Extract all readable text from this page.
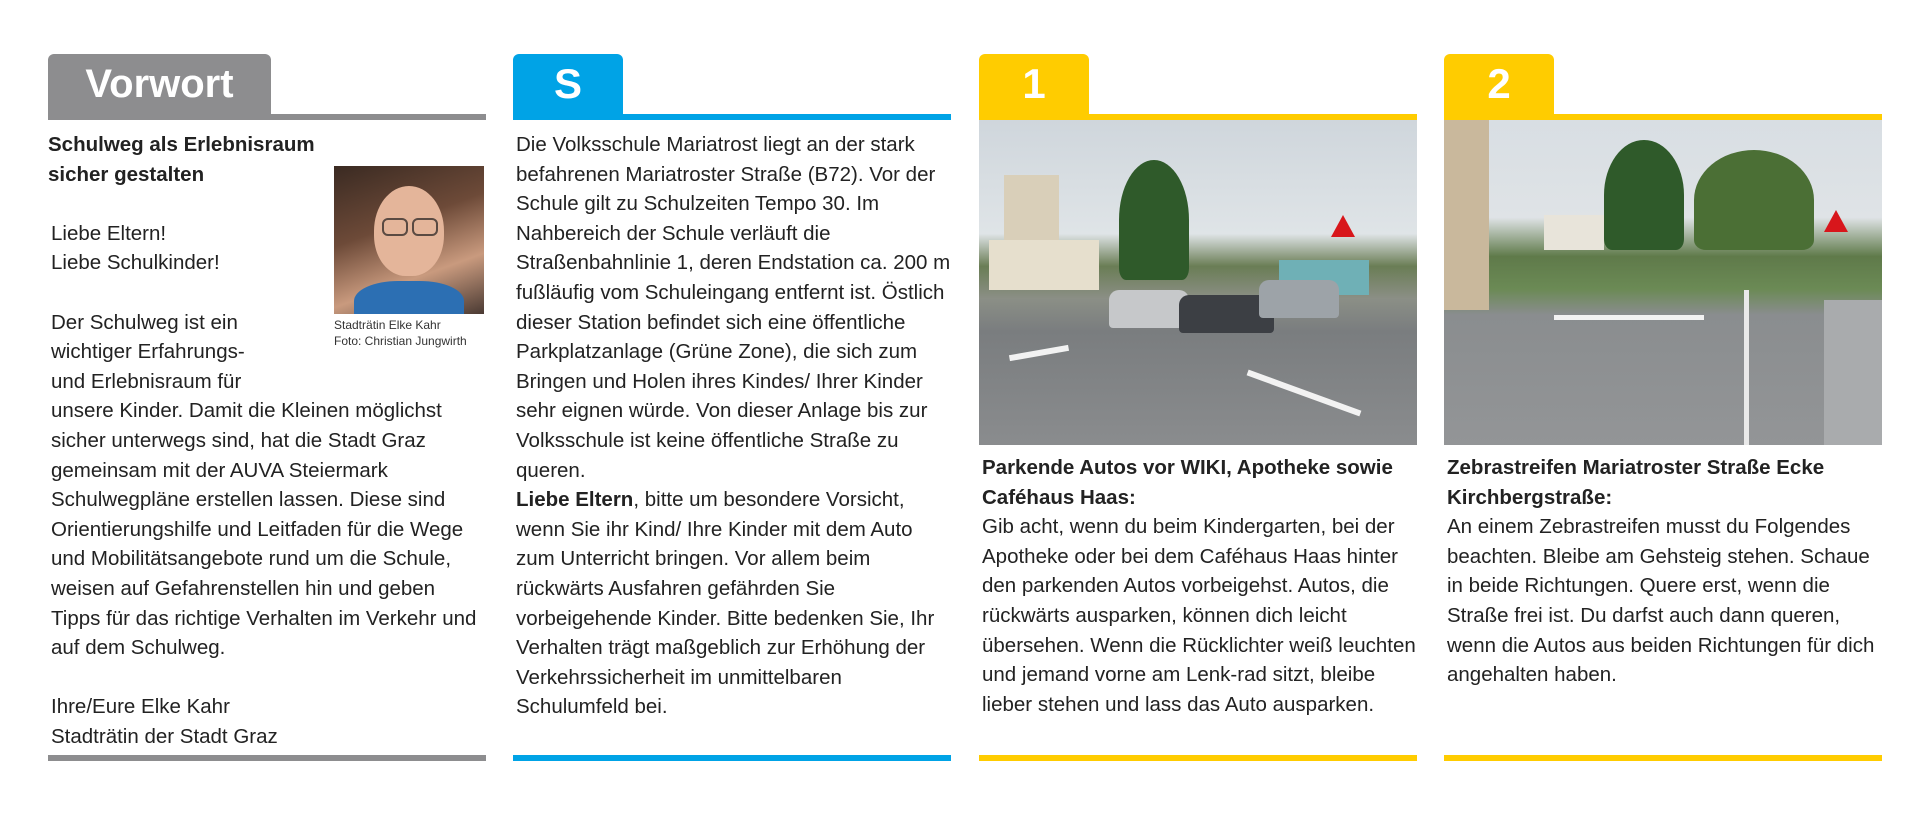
Vorwort
Schulweg als Erlebnisraum
sicher gestalten
Liebe Eltern!
Liebe Schulkinder!
Der Schulweg ist ein
wichtiger Erfahrungs-
und Erlebnisraum für
unsere Kinder. Damit die Kleinen möglichst sicher unterwegs sind, hat die Stadt Graz gemeinsam mit der AUVA Steiermark Schulwegpläne erstellen lassen. Diese sind Orientierungshilfe und Leitfaden für die Wege und Mobilitätsangebote rund um die Schule, weisen auf Gefahrenstellen hin und geben Tipps für das richtige Verhalten im Verkehr und auf dem Schulweg.
Ihre/Eure Elke Kahr
Stadträtin der Stadt Graz
Stadträtin Elke Kahr
Foto: Christian Jungwirth
S
Die Volksschule Mariatrost liegt an der stark befahrenen Mariatroster Straße (B72). Vor der Schule gilt zu Schulzeiten Tempo 30. Im Nahbereich der Schule verläuft die Straßenbahnlinie 1, deren Endstation ca. 200 m fußläufig vom Schuleingang entfernt ist. Östlich dieser Station befindet sich eine öffentliche Parkplatzanlage (Grüne Zone), die sich zum Bringen und Holen ihres Kindes/ Ihrer Kinder sehr eignen würde. Von dieser Anlage bis zur Volksschule ist keine öffentliche Straße zu queren.
Liebe Eltern, bitte um besondere Vorsicht, wenn Sie ihr Kind/ Ihre Kinder mit dem Auto zum Unterricht bringen. Vor allem beim rückwärts Ausfahren gefährden Sie vorbeigehende Kinder. Bitte bedenken Sie, Ihr Verhalten trägt maßgeblich zur Erhöhung der Verkehrssicherheit im unmittelbaren Schulumfeld bei.
1
Parkende Autos vor WIKI, Apotheke sowie Caféhaus Haas:
Gib acht, wenn du beim Kindergarten, bei der Apotheke oder bei dem Caféhaus Haas hinter den parkenden Autos vorbeigehst. Autos, die rückwärts ausparken, können dich leicht übersehen. Wenn die Rücklichter weiß leuchten und jemand vorne am Lenk-rad sitzt, bleibe lieber stehen und lass das Auto ausparken.
2
Zebrastreifen Mariatroster Straße Ecke Kirchbergstraße:
An einem Zebrastreifen musst du Folgendes beachten. Bleibe am Gehsteig stehen. Schaue in beide Richtungen. Quere erst, wenn die Straße frei ist. Du darfst auch dann queren, wenn die Autos aus beiden Richtungen für dich angehalten haben.
